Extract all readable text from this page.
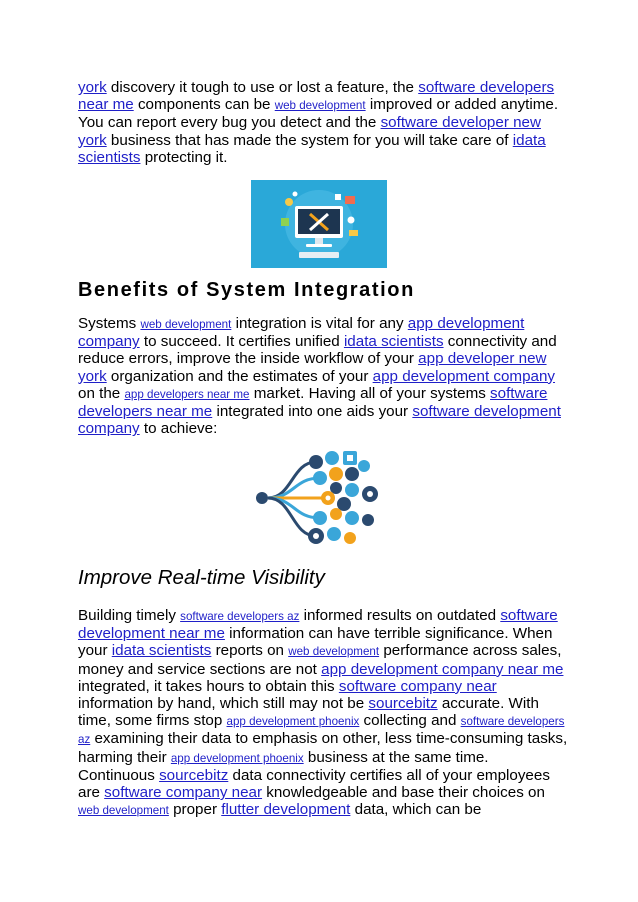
york discovery it tough to use or lost a feature, the software developers near me components can be web development improved or added anytime. You can report every bug you detect and the software developer new york business that has made the system for you will take care of idata scientists protecting it.

Benefits of System Integration

Systems web development integration is vital for any app development company to succeed. It certifies unified idata scientists connectivity and reduce errors, improve the inside workflow of your app developer new york organization and the estimates of your app development company on the app developers near me market. Having all of your systems software developers near me integrated into one aids your software development company to achieve:

Improve Real-time Visibility

Building timely software developers az informed results on outdated software development near me information can have terrible significance. When your idata scientists reports on web development performance across sales, money and service sections are not app development company near me integrated, it takes hours to obtain this software company near information by hand, which still may not be sourcebitz accurate. With time, some firms stop app development phoenix collecting and software developers az examining their data to emphasis on other, less time-consuming tasks, harming their app development phoenix business at the same time. Continuous sourcebitz data connectivity certifies all of your employees are software company near knowledgeable and base their choices on web development proper flutter development data, which can be
